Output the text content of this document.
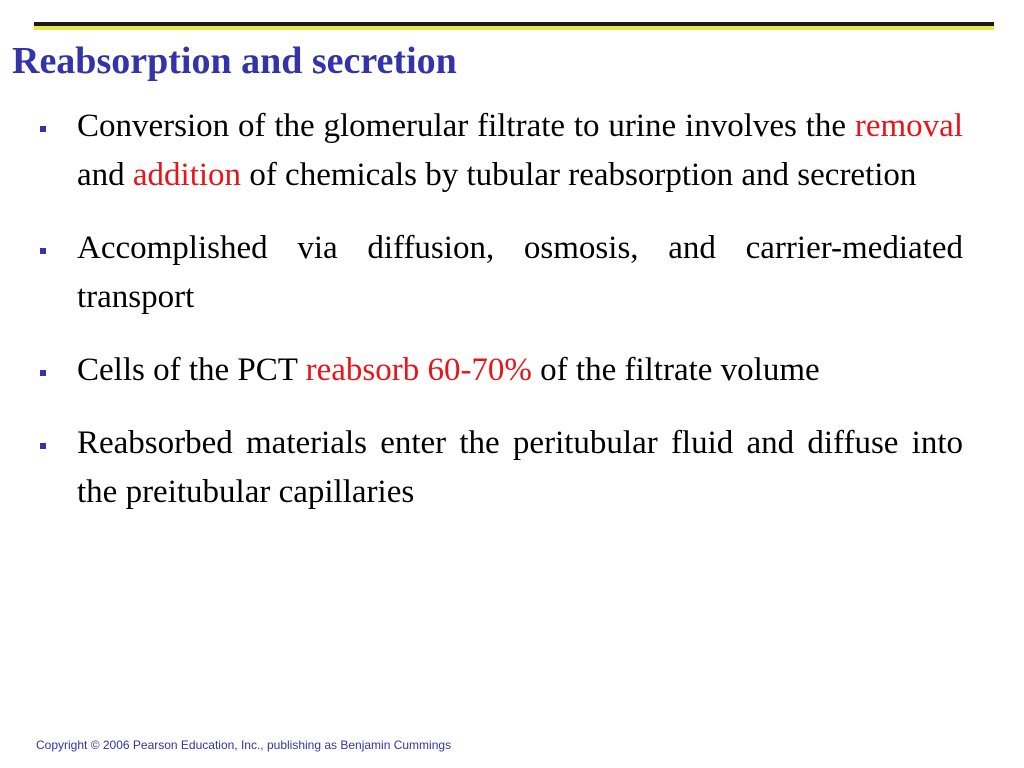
Reabsorption and secretion
Conversion of the glomerular filtrate to urine involves the removal and addition of chemicals by tubular reabsorption and secretion
Accomplished via diffusion, osmosis, and carrier-mediated transport
Cells of the PCT reabsorb 60-70% of the filtrate volume
Reabsorbed materials enter the peritubular fluid and diffuse into the preitubular capillaries

Copyright © 2006 Pearson Education, Inc., publishing as Benjamin Cummings
